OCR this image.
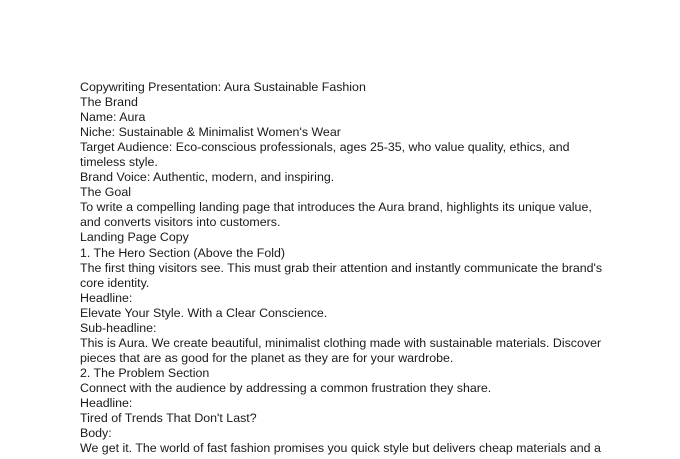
Copywriting Presentation: Aura Sustainable Fashion
The Brand
Name: Aura
Niche: Sustainable & Minimalist Women's Wear
Target Audience: Eco-conscious professionals, ages 25-35, who value quality, ethics, and
timeless style.
Brand Voice: Authentic, modern, and inspiring.
The Goal
To write a compelling landing page that introduces the Aura brand, highlights its unique value,
and converts visitors into customers.
Landing Page Copy
1. The Hero Section (Above the Fold)
The first thing visitors see. This must grab their attention and instantly communicate the brand's
core identity.
Headline:
Elevate Your Style. With a Clear Conscience.
Sub-headline:
This is Aura. We create beautiful, minimalist clothing made with sustainable materials. Discover
pieces that are as good for the planet as they are for your wardrobe.
2. The Problem Section
Connect with the audience by addressing a common frustration they share.
Headline:
Tired of Trends That Don't Last?
Body:
We get it. The world of fast fashion promises you quick style but delivers cheap materials and a
